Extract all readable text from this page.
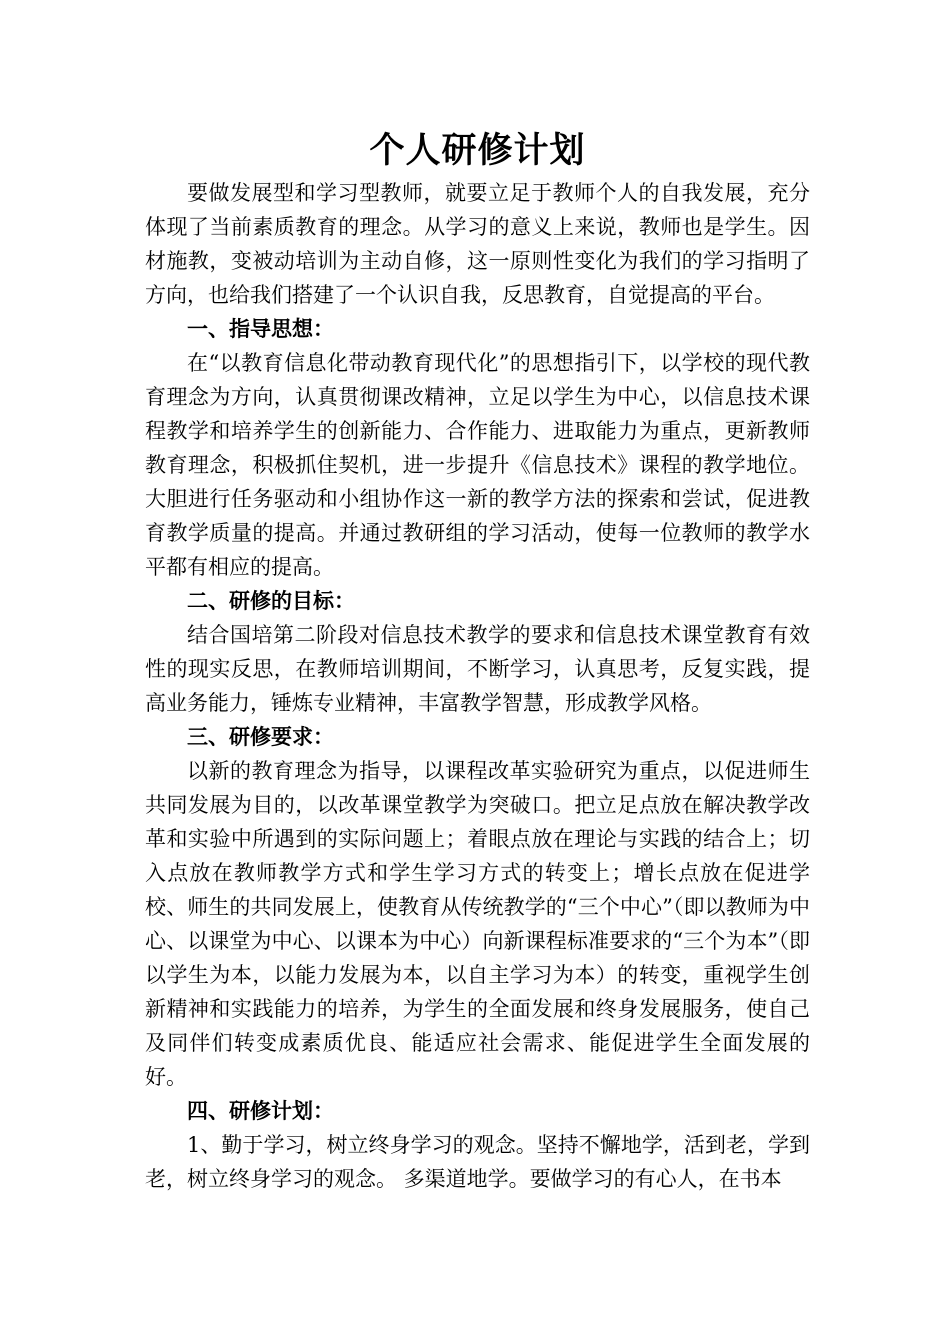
个人研修计划

要做发展型和学习型教师，就要立足于教师个人的自我发展，充分体现了当前素质教育的理念。从学习的意义上来说，教师也是学生。因材施教，变被动培训为主动自修，这一原则性变化为我们的学习指明了方向，也给我们搭建了一个认识自我，反思教育，自觉提高的平台。

一、指导思想：

在“以教育信息化带动教育现代化”的思想指引下，以学校的现代教育理念为方向，认真贯彻课改精神，立足以学生为中心，以信息技术课程教学和培养学生的创新能力、合作能力、进取能力为重点，更新教师教育理念，积极抓住契机，进一步提升《信息技术》课程的教学地位。大胆进行任务驱动和小组协作这一新的教学方法的探索和尝试，促进教育教学质量的提高。并通过教研组的学习活动，使每一位教师的教学水平都有相应的提高。

二、研修的目标：

结合国培第二阶段对信息技术教学的要求和信息技术课堂教育有效性的现实反思，在教师培训期间，不断学习，认真思考，反复实践，提高业务能力，锤炼专业精神，丰富教学智慧，形成教学风格。

三、研修要求：

以新的教育理念为指导，以课程改革实验研究为重点，以促进师生共同发展为目的，以改革课堂教学为突破口。把立足点放在解决教学改革和实验中所遇到的实际问题上；着眼点放在理论与实践的结合上；切入点放在教师教学方式和学生学习方式的转变上；增长点放在促进学校、师生的共同发展上，使教育从传统教学的“三个中心”（即以教师为中心、以课堂为中心、以课本为中心）向新课程标准要求的“三个为本”（即以学生为本，以能力发展为本，以自主学习为本）的转变，重视学生创新精神和实践能力的培养，为学生的全面发展和终身发展服务，使自己及同伴们转变成素质优良、能适应社会需求、能促进学生全面发展的好。

四、研修计划：

1、勤于学习，树立终身学习的观念。坚持不懈地学，活到老，学到老，树立终身学习的观念。 多渠道地学。要做学习的有心人，在书本
